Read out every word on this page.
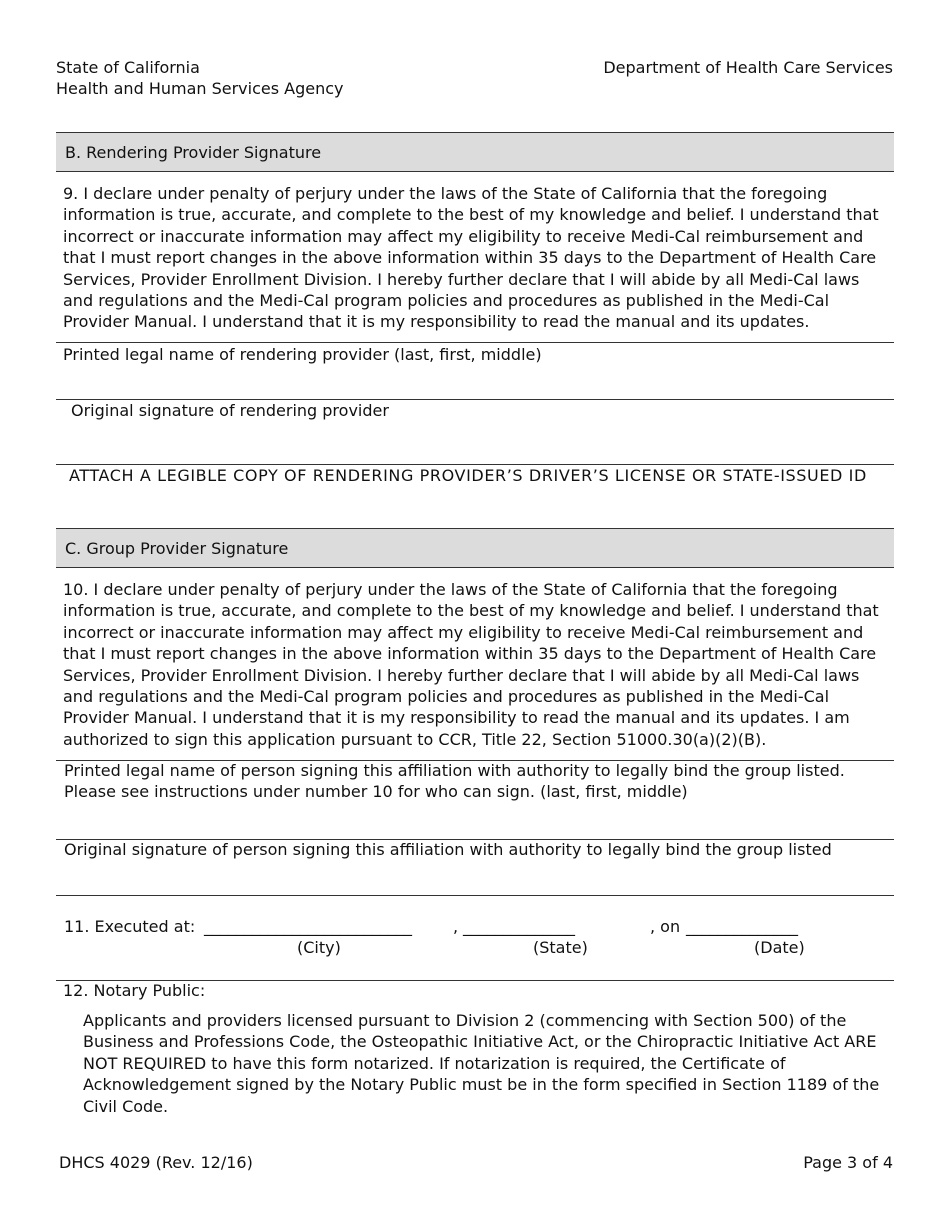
State of California
Health and Human Services Agency
Department of Health Care Services
B. Rendering Provider Signature
9. I declare under penalty of perjury under the laws of the State of California that the foregoing information is true, accurate, and complete to the best of my knowledge and belief. I understand that incorrect or inaccurate information may affect my eligibility to receive Medi-Cal reimbursement and that I must report changes in the above information within 35 days to the Department of Health Care Services, Provider Enrollment Division. I hereby further declare that I will abide by all Medi-Cal laws and regulations and the Medi-Cal program policies and procedures as published in the Medi-Cal Provider Manual. I understand that it is my responsibility to read the manual and its updates.
Printed legal name of rendering provider (last, first, middle)
Original signature of rendering provider
ATTACH A LEGIBLE COPY OF RENDERING PROVIDER’S DRIVER’S LICENSE OR STATE-ISSUED ID
C. Group Provider Signature
10. I declare under penalty of perjury under the laws of the State of California that the foregoing information is true, accurate, and complete to the best of my knowledge and belief. I understand that incorrect or inaccurate information may affect my eligibility to receive Medi-Cal reimbursement and that I must report changes in the above information within 35 days to the Department of Health Care Services, Provider Enrollment Division. I hereby further declare that I will abide by all Medi-Cal laws and regulations and the Medi-Cal program policies and procedures as published in the Medi-Cal Provider Manual. I understand that it is my responsibility to read the manual and its updates. I am authorized to sign this application pursuant to CCR, Title 22, Section 51000.30(a)(2)(B).
Printed legal name of person signing this affiliation with authority to legally bind the group listed.
Please see instructions under number 10 for who can sign. (last, first, middle)
Original signature of person signing this affiliation with authority to legally bind the group listed
11. Executed at: __________________________	, ______________	, on ______________
(City)	(State)	(Date)
12. Notary Public:
Applicants and providers licensed pursuant to Division 2 (commencing with Section 500) of the Business and Professions Code, the Osteopathic Initiative Act, or the Chiropractic Initiative Act ARE NOT REQUIRED to have this form notarized. If notarization is required, the Certificate of Acknowledgement signed by the Notary Public must be in the form specified in Section 1189 of the Civil Code.
DHCS 4029 (Rev. 12/16)	Page 3 of 4
